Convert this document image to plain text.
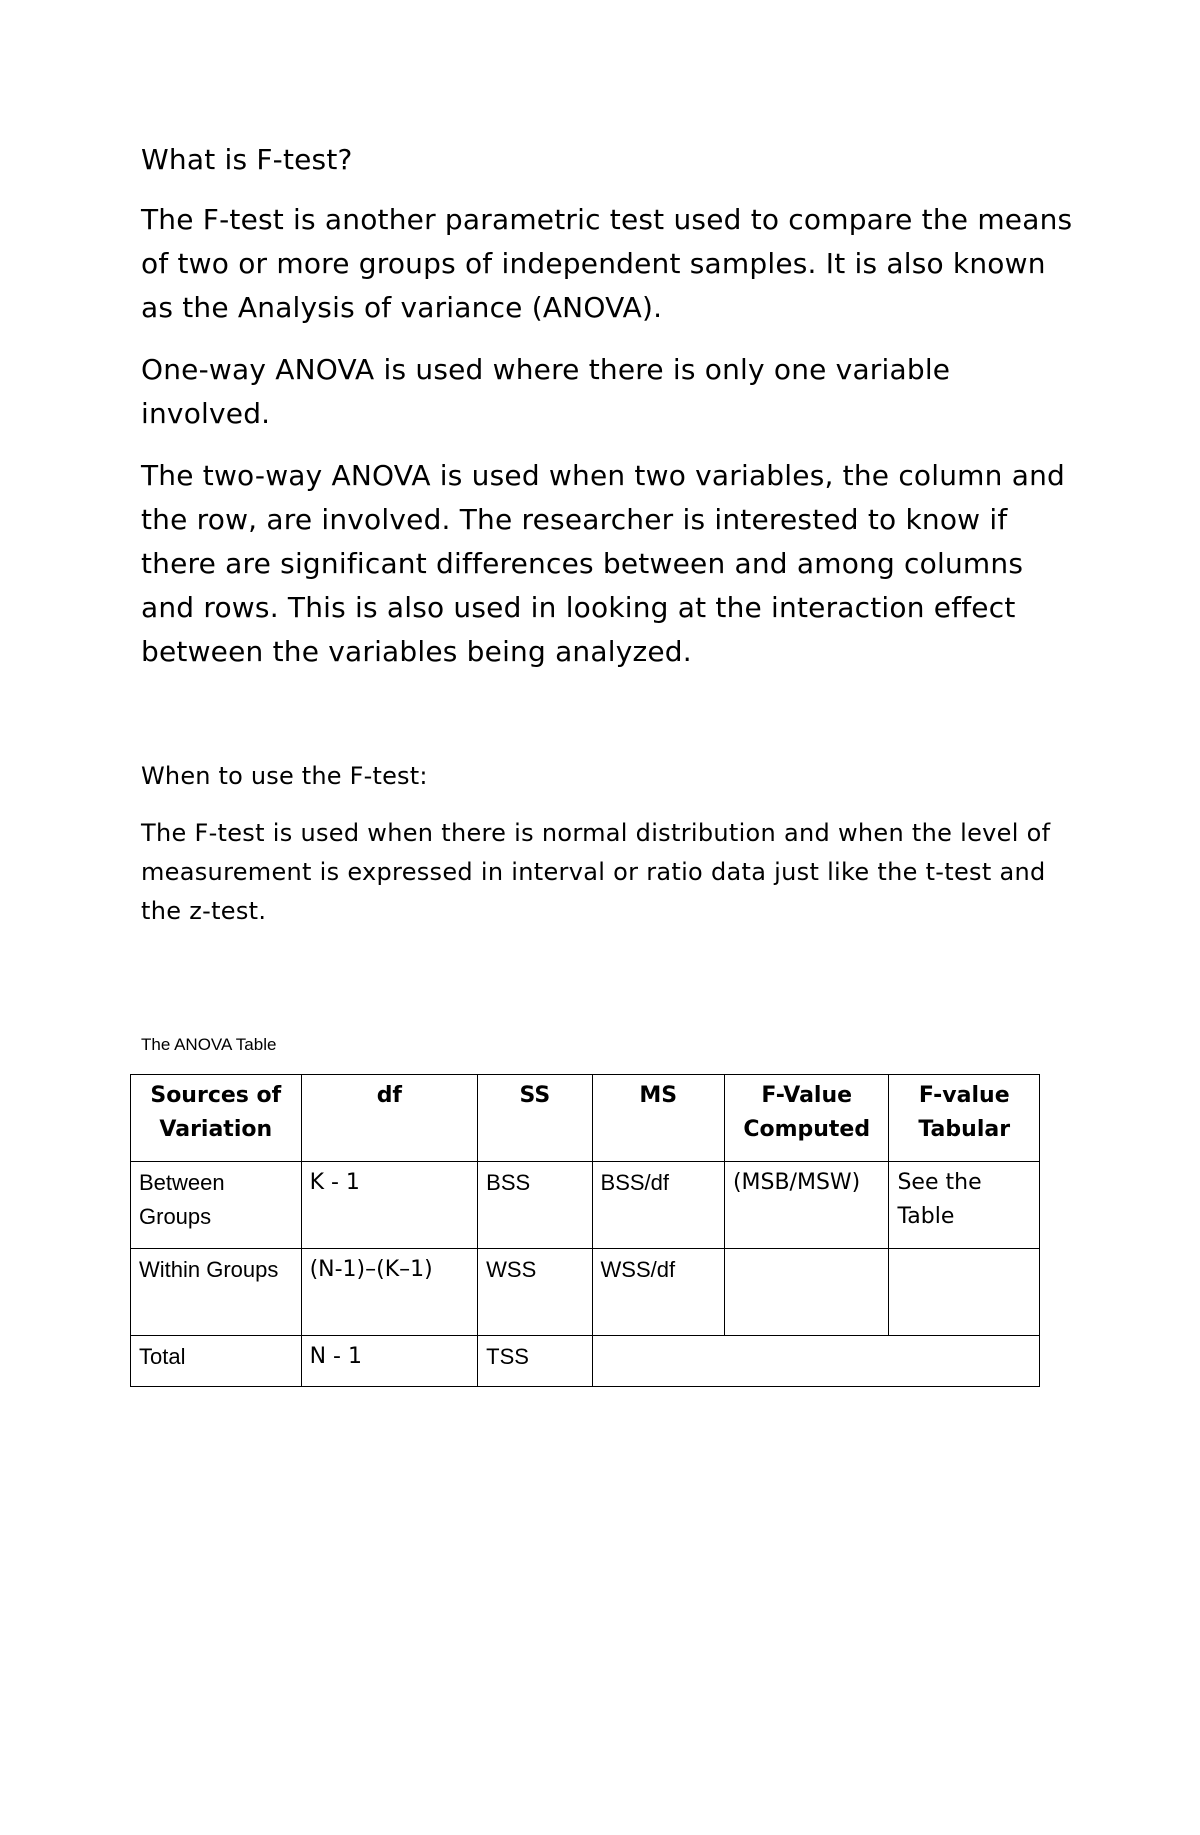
What is F-test?

The F-test is another parametric test used to compare the means of two or more groups of independent samples. It is also known as the Analysis of variance (ANOVA).

One-way ANOVA is used where there is only one variable involved.

The two-way ANOVA is used when two variables, the column and the row, are involved. The researcher is interested to know if there are significant differences between and among columns and rows. This is also used in looking at the interaction effect between the variables being analyzed.

When to use the F-test:

The F-test is used when there is normal distribution and when the level of measurement is expressed in interval or ratio data just like the t-test and the z-test.

The ANOVA Table

Sources of Variation	df	SS	MS	F-Value Computed	F-value Tabular
Between Groups	K - 1	BSS	BSS/df	(MSB/MSW)	See the Table
Within Groups	(N-1)–(K–1)	WSS	WSS/df		
Total	N - 1	TSS			
